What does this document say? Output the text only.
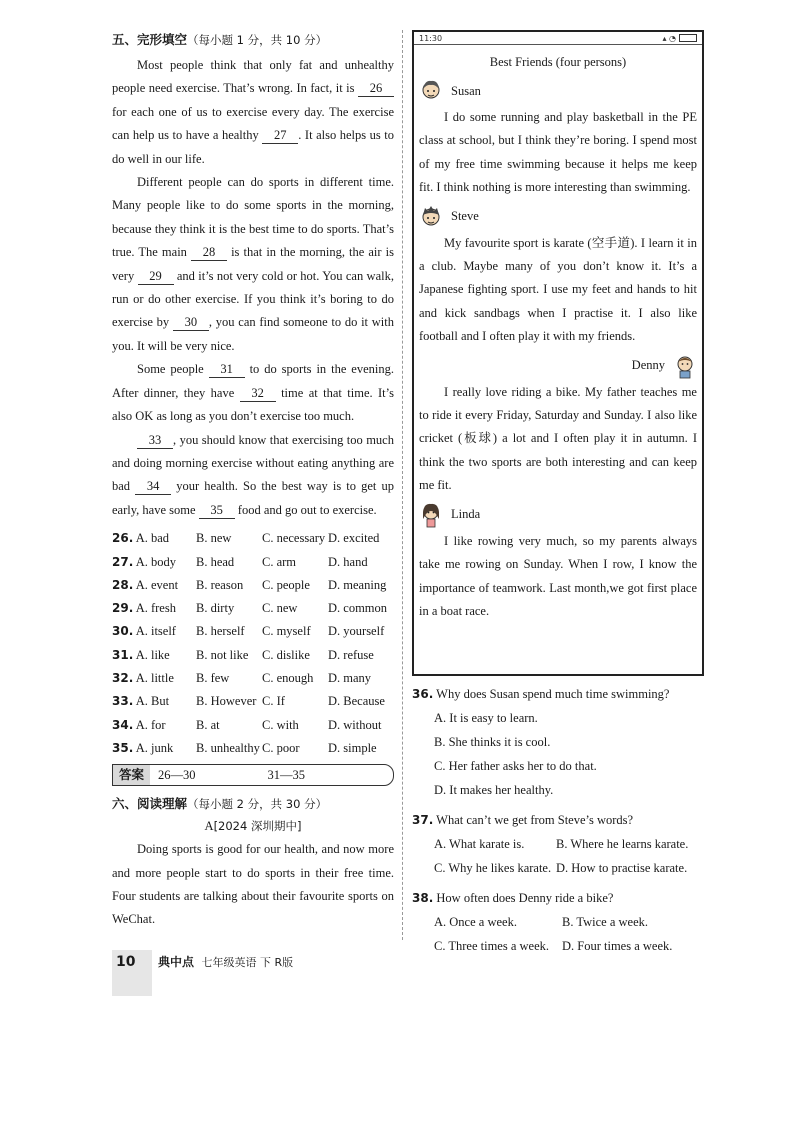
五、完形填空（每小题 1 分，共 10 分）

Most people think that only fat and unhealthy people need exercise. That’s wrong. In fact, it is 26 for each one of us to exercise every day. The exercise can help us to have a healthy 27 . It also helps us to do well in our life.

Different people can do sports in different time. Many people like to do some sports in the morning, because they think it is the best time to do sports. That’s true. The main 28 is that in the morning, the air is very 29 and it’s not very cold or hot. You can walk, run or do other exercise. If you think it’s boring to do exercise by 30 , you can find someone to do it with you. It will be very nice.

Some people 31 to do sports in the evening. After dinner, they have 32 time at that time. It’s also OK as long as you don’t exercise too much.

33 , you should know that exercising too much and doing morning exercise without eating anything are bad 34 your health. So the best way is to get up early, have some 35 food and go out to exercise.

26. A. bad	B. new	C. necessary	D. excited
27. A. body	B. head	C. arm	D. hand
28. A. event	B. reason	C. people	D. meaning
29. A. fresh	B. dirty	C. new	D. common
30. A. itself	B. herself	C. myself	D. yourself
31. A. like	B. not like	C. dislike	D. refuse
32. A. little	B. few	C. enough	D. many
33. A. But	B. However	C. If	D. Because
34. A. for	B. at	C. with	D. without
35. A. junk	B. unhealthy	C. poor	D. simple
答案	26—30	31—35
六、阅读理解（每小题 2 分，共 30 分）
A[2024 深圳期中]

Doing sports is good for our health, and now more and more people start to do sports in their free time. Four students are talking about their favourite sports on WeChat.

11:30	▴ ◔
Best Friends (four persons)
Susan

I do some running and play basketball in the PE class at school, but I think they’re boring. I spend most of my free time swimming because it helps me keep fit. I think nothing is more interesting than swimming.

Steve

My favourite sport is karate (空手道). I learn it in a club. Maybe many of you don’t know it. It’s a Japanese fighting sport. I use my feet and hands to hit and kick sandbags when I practise it. I also like football and I often play it with my friends.

Denny

I really love riding a bike. My father teaches me to ride it every Friday, Saturday and Sunday. I also like cricket (板球) a lot and I often play it in autumn. I think the two sports are both interesting and can keep me fit.

Linda

I like rowing very much, so my parents always take me rowing on Sunday. When I row, I know the importance of teamwork. Last month,we got first place in a boat race.

36. Why does Susan spend much time swimming?
A. It is easy to learn.
B. She thinks it is cool.
C. Her father asks her to do that.
D. It makes her healthy.
37. What can’t we get from Steve’s words?
A. What karate is.	B. Where he learns karate.
C. Why he likes karate. D. How to practise karate.
38. How often does Denny ride a bike?
A. Once a week.	B. Twice a week.
C. Three times a week. D. Four times a week.
10	典中点 七年级英语 下 R版
